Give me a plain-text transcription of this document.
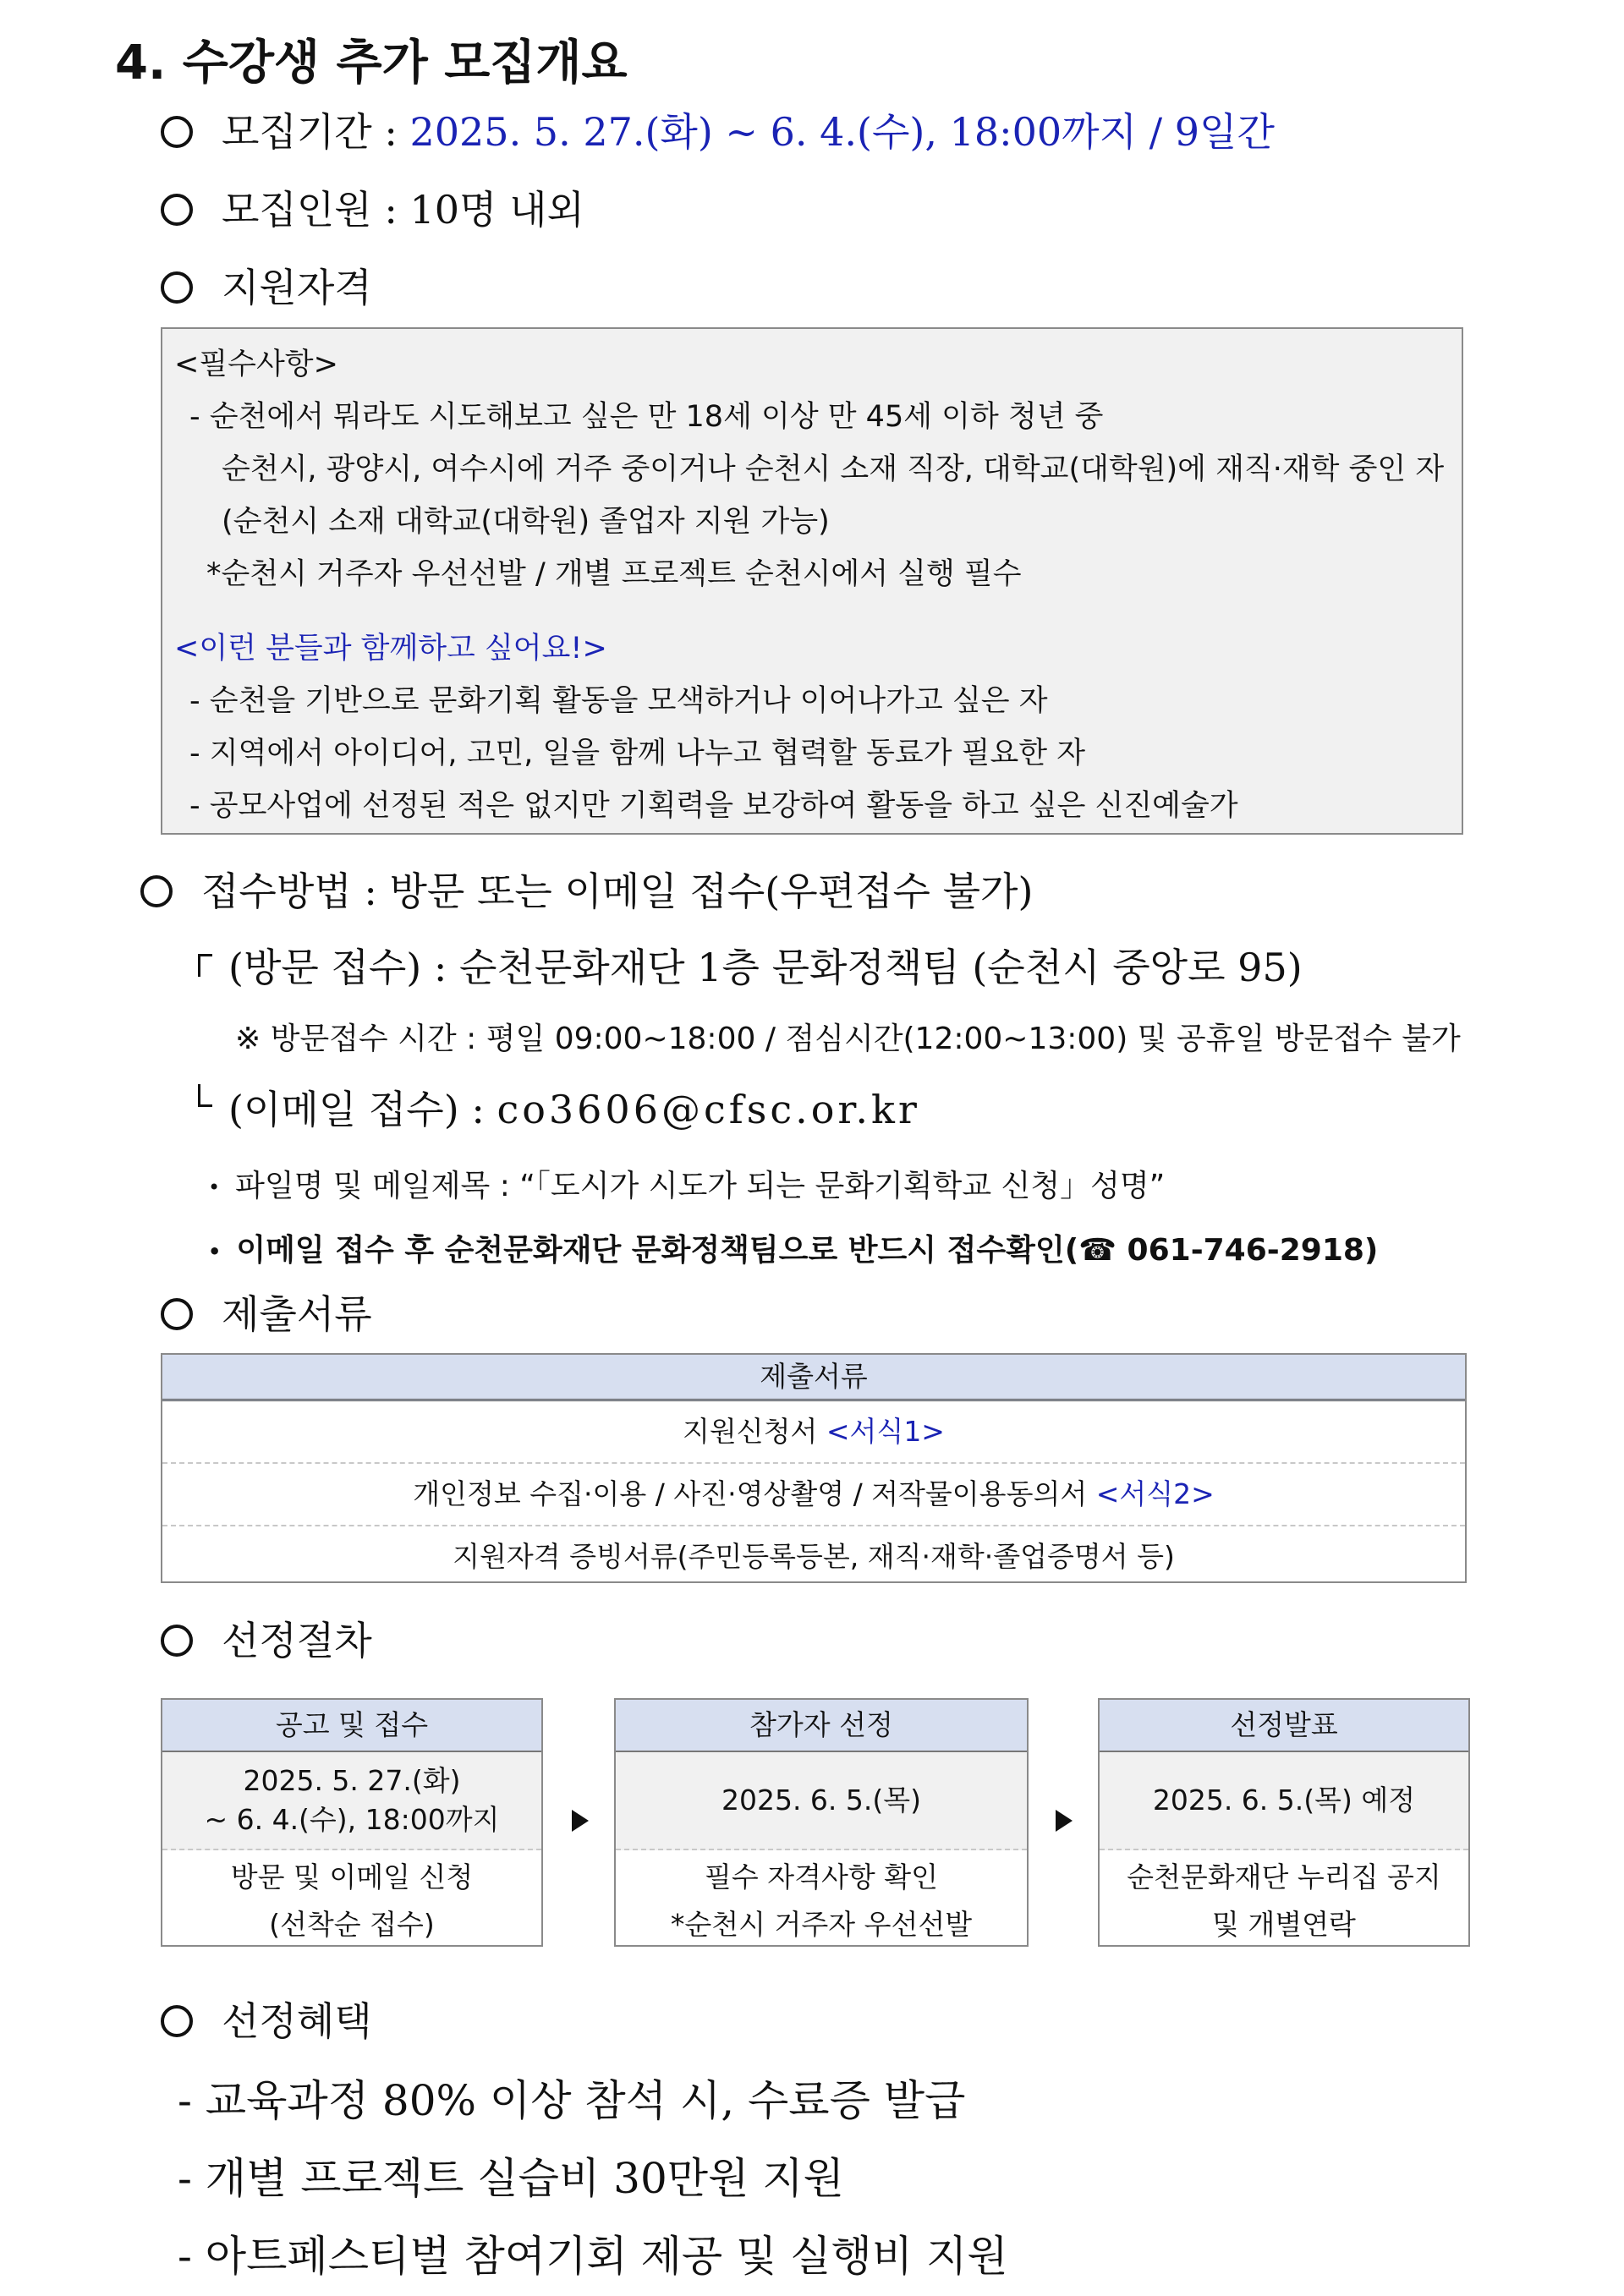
4. 수강생 추가 모집개요
모집기간 : 2025. 5. 27.(화) ~ 6. 4.(수), 18:00까지 / 9일간
모집인원 : 10명 내외
지원자격
<필수사항>
- 순천에서 뭐라도 시도해보고 싶은 만 18세 이상 만 45세 이하 청년 중
순천시, 광양시, 여수시에 거주 중이거나 순천시 소재 직장, 대학교(대학원)에 재직·재학 중인 자
(순천시 소재 대학교(대학원) 졸업자 지원 가능)
*순천시 거주자 우선선발 / 개별 프로젝트 순천시에서 실행 필수
<이런 분들과 함께하고 싶어요!>
- 순천을 기반으로 문화기획 활동을 모색하거나 이어나가고 싶은 자
- 지역에서 아이디어, 고민, 일을 함께 나누고 협력할 동료가 필요한 자
- 공모사업에 선정된 적은 없지만 기획력을 보강하여 활동을 하고 싶은 신진예술가
접수방법 : 방문 또는 이메일 접수(우편접수 불가)
(방문 접수) : 순천문화재단 1층 문화정책팀 (순천시 중앙로 95)
※ 방문접수 시간 : 평일 09:00~18:00 / 점심시간(12:00~13:00) 및 공휴일 방문접수 불가
(이메일 접수) : co3606@cfsc.or.kr
• 파일명 및 메일제목 : “「도시가 시도가 되는 문화기획학교 신청」성명”
• 이메일 접수 후 순천문화재단 문화정책팀으로 반드시 접수확인(☎ 061-746-2918)
제출서류
제출서류
지원신청서 <서식1>
개인정보 수집·이용 / 사진·영상촬영 / 저작물이용동의서 <서식2>
지원자격 증빙서류(주민등록등본, 재직·재학·졸업증명서 등)
선정절차
공고 및 접수
2025. 5. 27.(화)
~ 6. 4.(수), 18:00까지
방문 및 이메일 신청
(선착순 접수)
참가자 선정
2025. 6. 5.(목)
필수 자격사항 확인
*순천시 거주자 우선선발
선정발표
2025. 6. 5.(목) 예정
순천문화재단 누리집 공지
및 개별연락
선정혜택
- 교육과정 80% 이상 참석 시, 수료증 발급
- 개별 프로젝트 실습비 30만원 지원
- 아트페스티벌 참여기회 제공 및 실행비 지원
